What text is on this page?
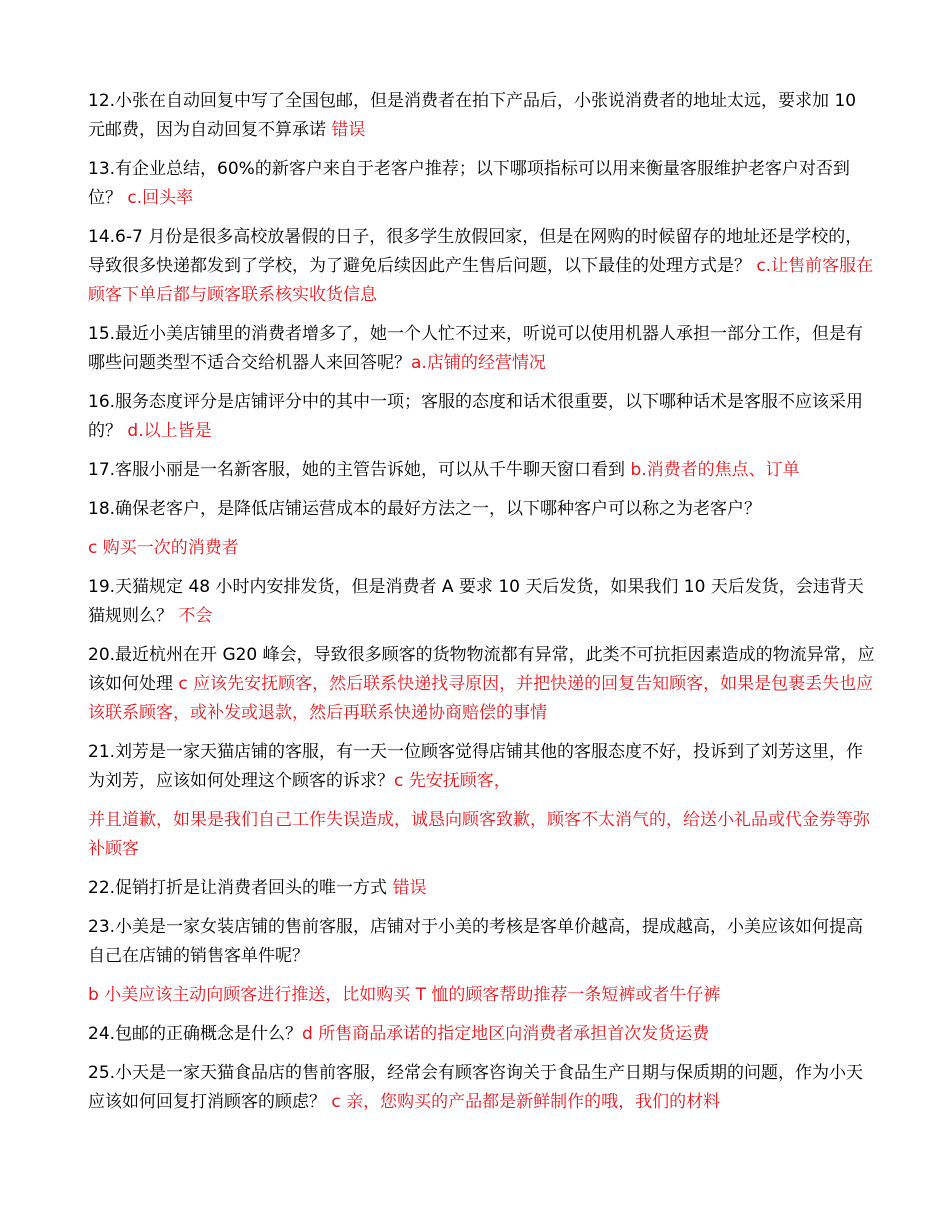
12.小张在自动回复中写了全国包邮，但是消费者在拍下产品后，小张说消费者的地址太远，要求加 10 元邮费，因为自动回复不算承诺 错误

13.有企业总结，60%的新客户来自于老客户推荐；以下哪项指标可以用来衡量客服维护老客户对否到位？ c.回头率

14.6-7 月份是很多高校放暑假的日子，很多学生放假回家，但是在网购的时候留存的地址还是学校的，导致很多快递都发到了学校，为了避免后续因此产生售后问题，以下最佳的处理方式是？ c.让售前客服在顾客下单后都与顾客联系核实收货信息

15.最近小美店铺里的消费者增多了，她一个人忙不过来，听说可以使用机器人承担一部分工作，但是有哪些问题类型不适合交给机器人来回答呢？a.店铺的经营情况

16.服务态度评分是店铺评分中的其中一项；客服的态度和话术很重要，以下哪种话术是客服不应该采用的？ d.以上皆是

17.客服小丽是一名新客服，她的主管告诉她，可以从千牛聊天窗口看到 b.消费者的焦点、订单

18.确保老客户，是降低店铺运营成本的最好方法之一，以下哪种客户可以称之为老客户？

c 购买一次的消费者

19.天猫规定 48 小时内安排发货，但是消费者 A 要求 10 天后发货，如果我们 10 天后发货，会违背天猫规则么？ 不会

20.最近杭州在开 G20 峰会，导致很多顾客的货物物流都有异常，此类不可抗拒因素造成的物流异常，应该如何处理 c 应该先安抚顾客，然后联系快递找寻原因，并把快递的回复告知顾客，如果是包裹丢失也应该联系顾客，或补发或退款，然后再联系快递协商赔偿的事情

21.刘芳是一家天猫店铺的客服，有一天一位顾客觉得店铺其他的客服态度不好，投诉到了刘芳这里，作为刘芳，应该如何处理这个顾客的诉求？c 先安抚顾客，

并且道歉，如果是我们自己工作失误造成，诚恳向顾客致歉，顾客不太消气的，给送小礼品或代金券等弥补顾客

22.促销打折是让消费者回头的唯一方式 错误

23.小美是一家女装店铺的售前客服，店铺对于小美的考核是客单价越高，提成越高，小美应该如何提高自己在店铺的销售客单件呢？

b 小美应该主动向顾客进行推送，比如购买 T 恤的顾客帮助推荐一条短裤或者牛仔裤

24.包邮的正确概念是什么？d 所售商品承诺的指定地区向消费者承担首次发货运费

25.小天是一家天猫食品店的售前客服，经常会有顾客咨询关于食品生产日期与保质期的问题，作为小天应该如何回复打消顾客的顾虑？ c 亲，您购买的产品都是新鲜制作的哦，我们的材料
